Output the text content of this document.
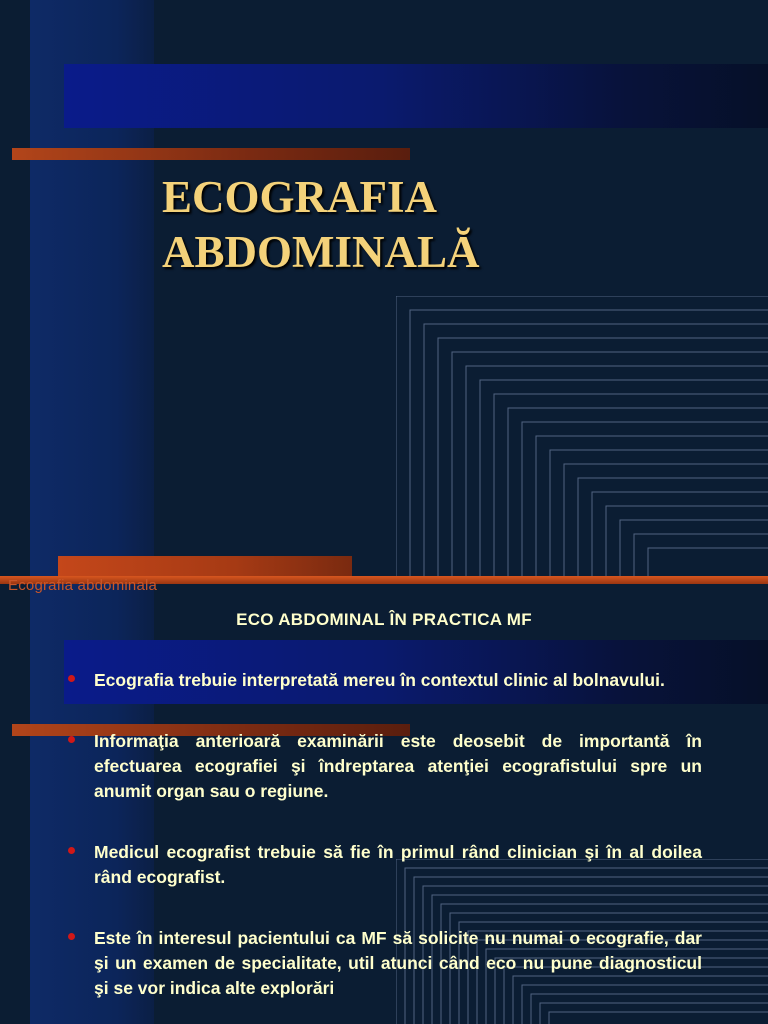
ECOGRAFIA
ABDOMINALĂ
Ecografia abdominala
ECO ABDOMINAL ÎN PRACTICA MF
Ecografia trebuie interpretată mereu în contextul clinic al bolnavului.
Informaţia anterioară examinării este deosebit de importantă în efectuarea ecografiei şi îndreptarea atenţiei ecografistului spre un anumit organ sau o regiune.
Medicul ecografist trebuie să fie în primul rând clinician şi în al doilea rând ecografist.
Este în interesul pacientului ca MF să solicite nu numai o ecografie, dar şi un examen de specialitate, util atunci când eco nu pune diagnosticul şi se vor indica alte explorări
